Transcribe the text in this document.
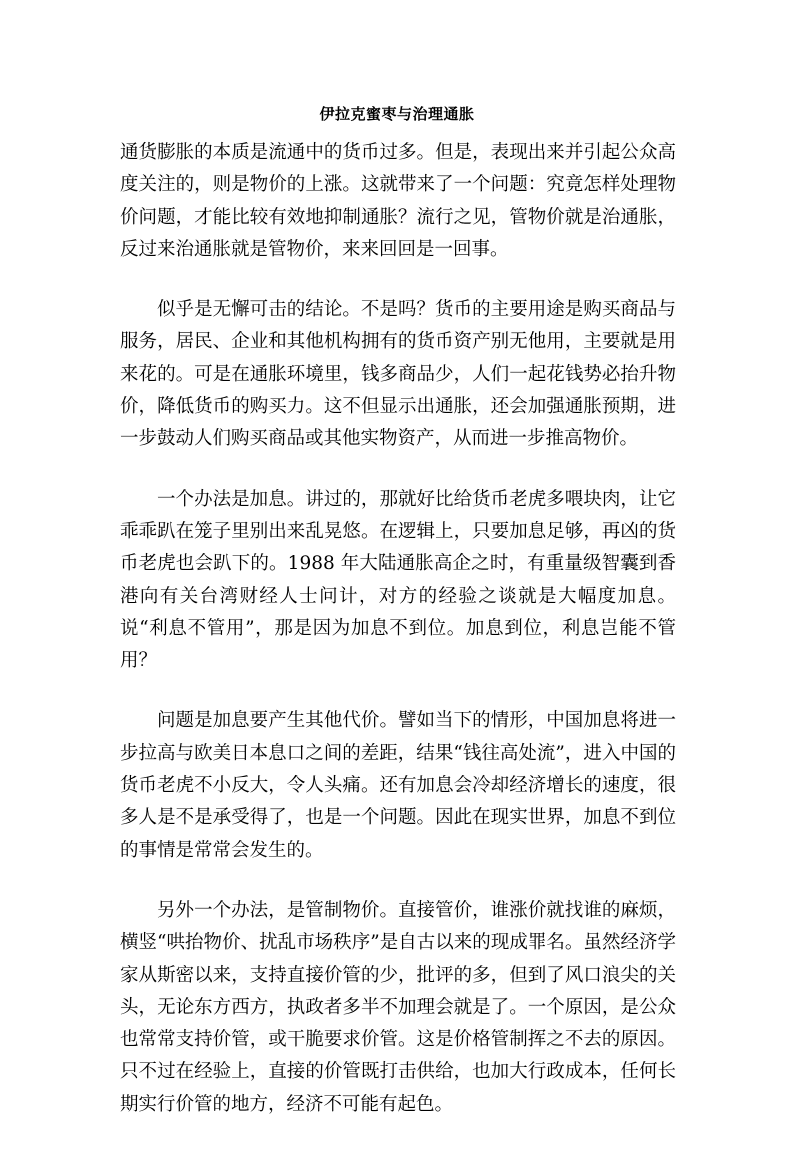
伊拉克蜜枣与治理通胀

通货膨胀的本质是流通中的货币过多。但是，表现出来并引起公众高度关注的，则是物价的上涨。这就带来了一个问题：究竟怎样处理物价问题，才能比较有效地抑制通胀？流行之见，管物价就是治通胀，反过来治通胀就是管物价，来来回回是一回事。

似乎是无懈可击的结论。不是吗？货币的主要用途是购买商品与服务，居民、企业和其他机构拥有的货币资产别无他用，主要就是用来花的。可是在通胀环境里，钱多商品少，人们一起花钱势必抬升物价，降低货币的购买力。这不但显示出通胀，还会加强通胀预期，进一步鼓动人们购买商品或其他实物资产，从而进一步推高物价。

一个办法是加息。讲过的，那就好比给货币老虎多喂块肉，让它乖乖趴在笼子里别出来乱晃悠。在逻辑上，只要加息足够，再凶的货币老虎也会趴下的。1988 年大陆通胀高企之时，有重量级智囊到香港向有关台湾财经人士问计，对方的经验之谈就是大幅度加息。说“利息不管用”，那是因为加息不到位。加息到位，利息岂能不管用？

问题是加息要产生其他代价。譬如当下的情形，中国加息将进一步拉高与欧美日本息口之间的差距，结果“钱往高处流”，进入中国的货币老虎不小反大，令人头痛。还有加息会冷却经济增长的速度，很多人是不是承受得了，也是一个问题。因此在现实世界，加息不到位的事情是常常会发生的。

另外一个办法，是管制物价。直接管价，谁涨价就找谁的麻烦，横竖“哄抬物价、扰乱市场秩序”是自古以来的现成罪名。虽然经济学家从斯密以来，支持直接价管的少，批评的多，但到了风口浪尖的关头，无论东方西方，执政者多半不加理会就是了。一个原因，是公众也常常支持价管，或干脆要求价管。这是价格管制挥之不去的原因。只不过在经验上，直接的价管既打击供给，也加大行政成本，任何长期实行价管的地方，经济不可能有起色。
